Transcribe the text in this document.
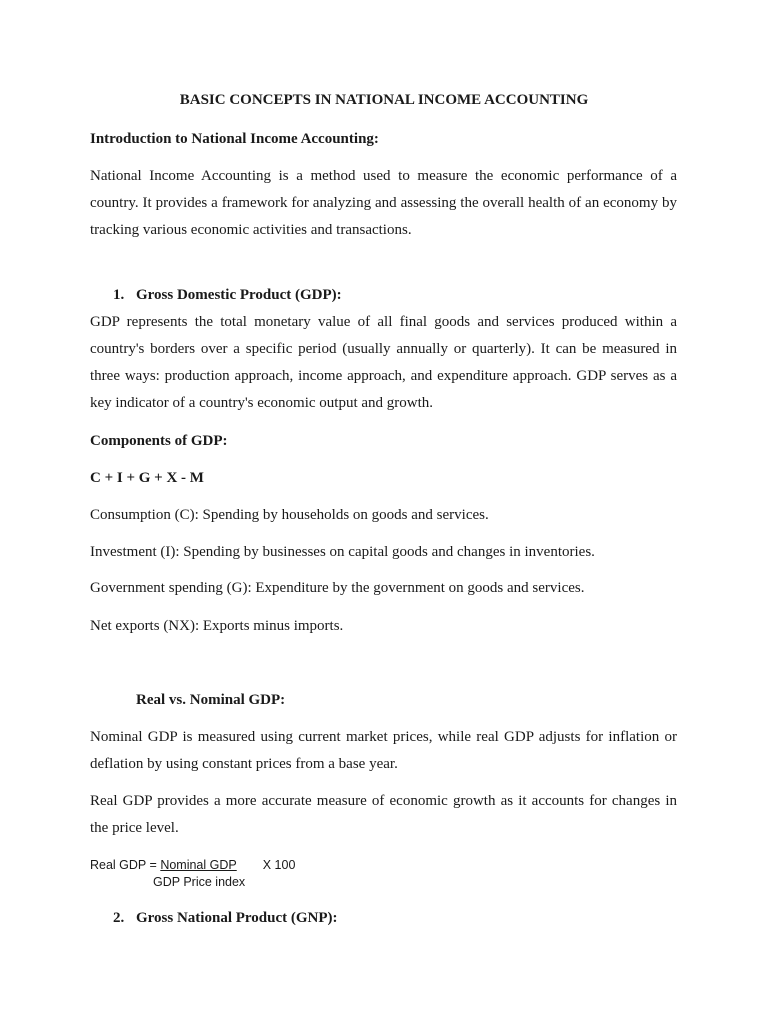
BASIC CONCEPTS IN NATIONAL INCOME ACCOUNTING
Introduction to National Income Accounting:
National Income Accounting is a method used to measure the economic performance of a country. It provides a framework for analyzing and assessing the overall health of an economy by tracking various economic activities and transactions.
1. Gross Domestic Product (GDP):
GDP represents the total monetary value of all final goods and services produced within a country's borders over a specific period (usually annually or quarterly). It can be measured in three ways: production approach, income approach, and expenditure approach. GDP serves as a key indicator of a country's economic output and growth.
Components of GDP:
C + I + G + X - M
Consumption (C): Spending by households on goods and services.
Investment (I): Spending by businesses on capital goods and changes in inventories.
Government spending (G): Expenditure by the government on goods and services.
Net exports (NX): Exports minus imports.
Real vs. Nominal GDP:
Nominal GDP is measured using current market prices, while real GDP adjusts for inflation or deflation by using constant prices from a base year.
Real GDP provides a more accurate measure of economic growth as it accounts for changes in the price level.
Real GDP = Nominal GDP X 100
GDP Price index
2. Gross National Product (GNP):
